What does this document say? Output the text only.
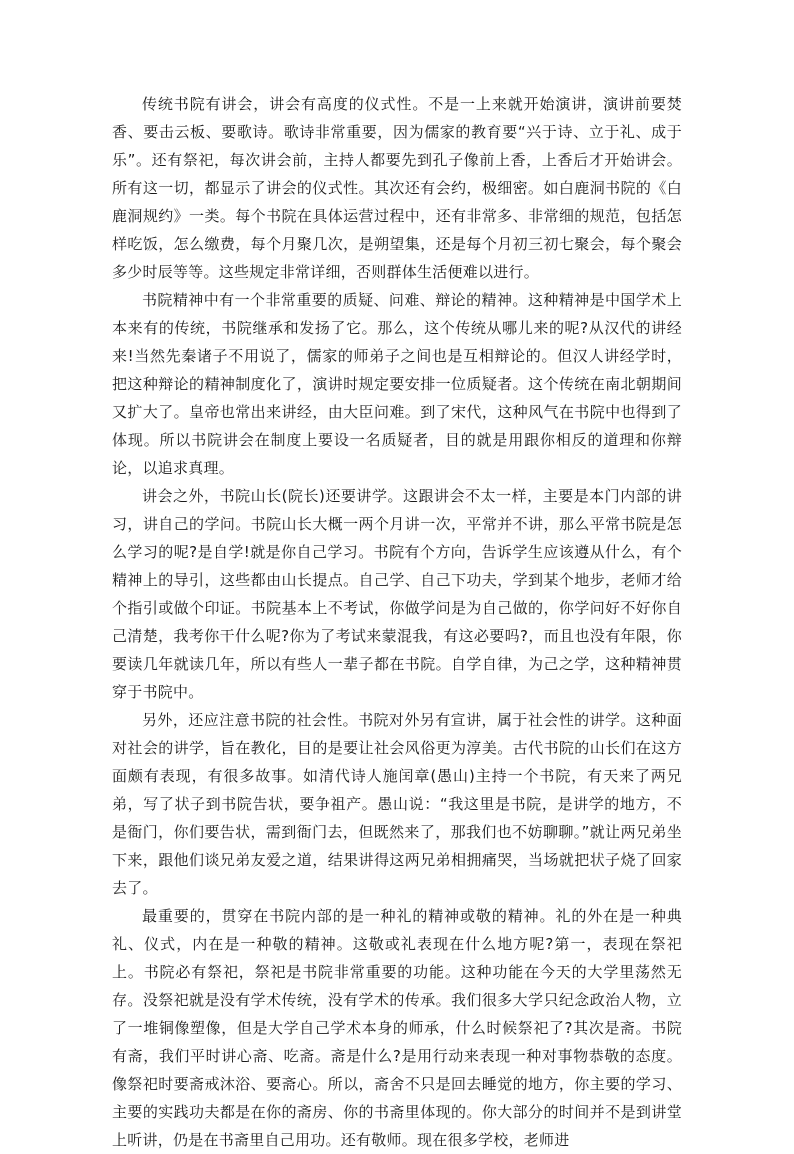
传统书院有讲会，讲会有高度的仪式性。不是一上来就开始演讲，演讲前要焚香、要击云板、要歌诗。歌诗非常重要，因为儒家的教育要“兴于诗、立于礼、成于乐”。还有祭祀，每次讲会前，主持人都要先到孔子像前上香，上香后才开始讲会。所有这一切，都显示了讲会的仪式性。其次还有会约，极细密。如白鹿洞书院的《白鹿洞规约》一类。每个书院在具体运营过程中，还有非常多、非常细的规范，包括怎样吃饭，怎么缴费，每个月聚几次，是朔望集，还是每个月初三初七聚会，每个聚会多少时辰等等。这些规定非常详细，否则群体生活便难以进行。

书院精神中有一个非常重要的质疑、问难、辩论的精神。这种精神是中国学术上本来有的传统，书院继承和发扬了它。那么，这个传统从哪儿来的呢?从汉代的讲经来!当然先秦诸子不用说了，儒家的师弟子之间也是互相辩论的。但汉人讲经学时，把这种辩论的精神制度化了，演讲时规定要安排一位质疑者。这个传统在南北朝期间又扩大了。皇帝也常出来讲经，由大臣问难。到了宋代，这种风气在书院中也得到了体现。所以书院讲会在制度上要设一名质疑者，目的就是用跟你相反的道理和你辩论，以追求真理。

讲会之外，书院山长(院长)还要讲学。这跟讲会不太一样，主要是本门内部的讲习，讲自己的学问。书院山长大概一两个月讲一次，平常并不讲，那么平常书院是怎么学习的呢?是自学!就是你自己学习。书院有个方向，告诉学生应该遵从什么，有个精神上的导引，这些都由山长提点。自己学、自己下功夫，学到某个地步，老师才给个指引或做个印证。书院基本上不考试，你做学问是为自己做的，你学问好不好你自己清楚，我考你干什么呢?你为了考试来蒙混我，有这必要吗?，而且也没有年限，你要读几年就读几年，所以有些人一辈子都在书院。自学自律，为己之学，这种精神贯穿于书院中。

另外，还应注意书院的社会性。书院对外另有宣讲，属于社会性的讲学。这种面对社会的讲学，旨在教化，目的是要让社会风俗更为淳美。古代书院的山长们在这方面颇有表现，有很多故事。如清代诗人施闰章(愚山)主持一个书院，有天来了两兄弟，写了状子到书院告状，要争祖产。愚山说：“我这里是书院，是讲学的地方，不是衙门，你们要告状，需到衙门去，但既然来了，那我们也不妨聊聊。”就让两兄弟坐下来，跟他们谈兄弟友爱之道，结果讲得这两兄弟相拥痛哭，当场就把状子烧了回家去了。

最重要的，贯穿在书院内部的是一种礼的精神或敬的精神。礼的外在是一种典礼、仪式，内在是一种敬的精神。这敬或礼表现在什么地方呢?第一，表现在祭祀上。书院必有祭祀，祭祀是书院非常重要的功能。这种功能在今天的大学里荡然无存。没祭祀就是没有学术传统，没有学术的传承。我们很多大学只纪念政治人物，立了一堆铜像塑像，但是大学自己学术本身的师承，什么时候祭祀了?其次是斋。书院有斋，我们平时讲心斋、吃斋。斋是什么?是用行动来表现一种对事物恭敬的态度。像祭祀时要斋戒沐浴、要斋心。所以，斋舍不只是回去睡觉的地方，你主要的学习、主要的实践功夫都是在你的斋房、你的书斋里体现的。你大部分的时间并不是到讲堂上听讲，仍是在书斋里自己用功。还有敬师。现在很多学校，老师进
